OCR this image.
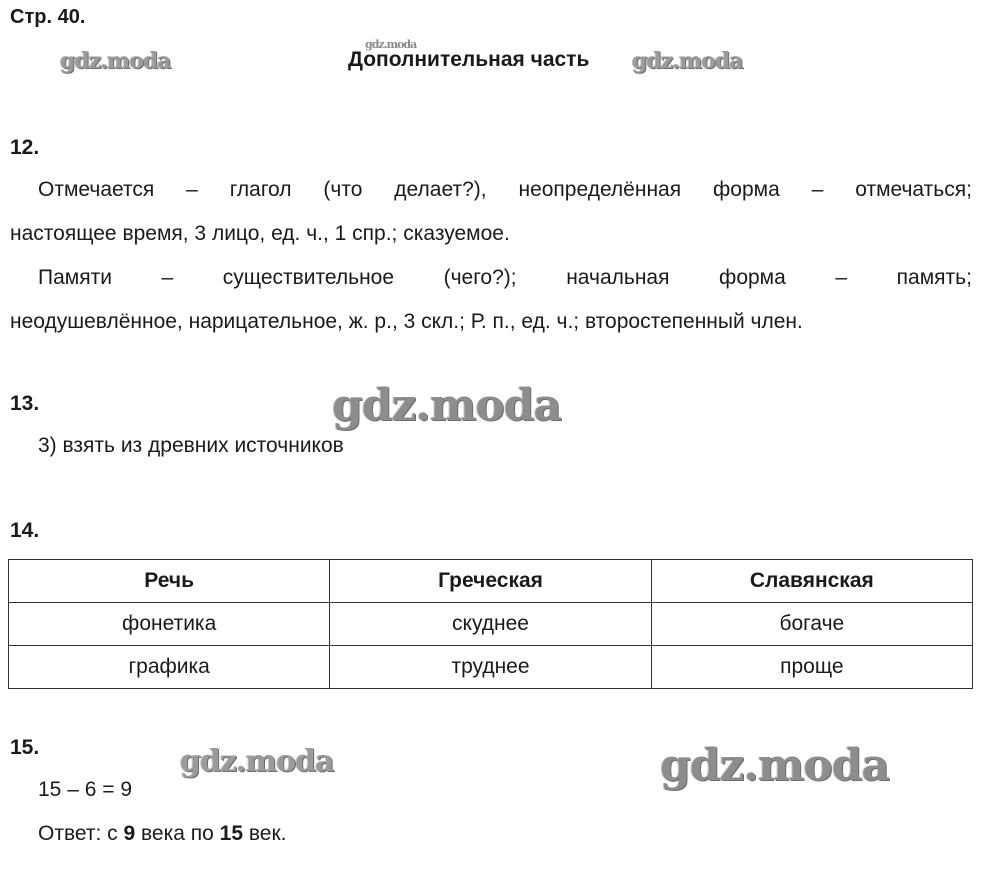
Стр. 40.
Дополнительная часть
gdz.moda
gdz.moda
gdz.moda
gdz.moda
gdz.moda	gdz.moda
12.
Отмечается – глагол (что делает?), неопределённая форма – отмечаться;
настоящее время, 3 лицо, ед. ч., 1 спр.; сказуемое.
Памяти – существительное (чего?); начальная форма – память;
неодушевлённое, нарицательное, ж. р., 3 скл.; Р. п., ед. ч.; второстепенный член.
13.
3) взять из древних источников
14.
Речь	Греческая	Славянская
фонетика	скуднее	богаче
графика	труднее	проще
15.
15 – 6 = 9
Ответ: с 9 века по 15 век.
